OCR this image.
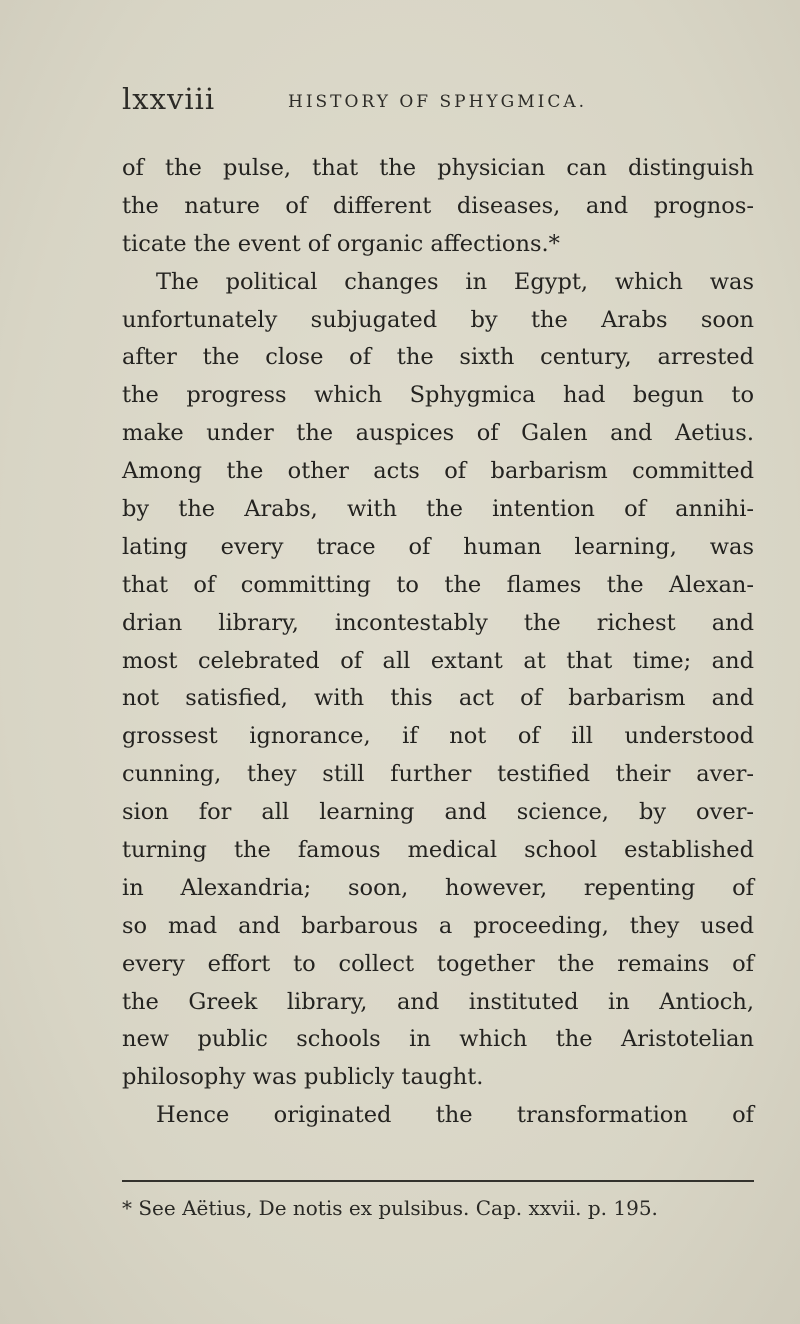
lxxviii	HISTORY OF SPHYGMICA.
of the pulse, that the physician can distinguish
the nature of different diseases, and prognos-
ticate the event of organic affections.*
The political changes in Egypt, which was
unfortunately subjugated by the Arabs soon
after the close of the sixth century, arrested
the progress which Sphygmica had begun to
make under the auspices of Galen and Aetius.
Among the other acts of barbarism committed
by the Arabs, with the intention of annihi-
lating every trace of human learning, was
that of committing to the flames the Alexan-
drian library, incontestably the richest and
most celebrated of all extant at that time; and
not satisfied, with this act of barbarism and
grossest ignorance, if not of ill understood
cunning, they still further testified their aver-
sion for all learning and science, by over-
turning the famous medical school established
in Alexandria; soon, however, repenting of
so mad and barbarous a proceeding, they used
every effort to collect together the remains of
the Greek library, and instituted in Antioch,
new public schools in which the Aristotelian
philosophy was publicly taught.
Hence originated the transformation of
* See Aëtius, De notis ex pulsibus. Cap. xxvii. p. 195.
